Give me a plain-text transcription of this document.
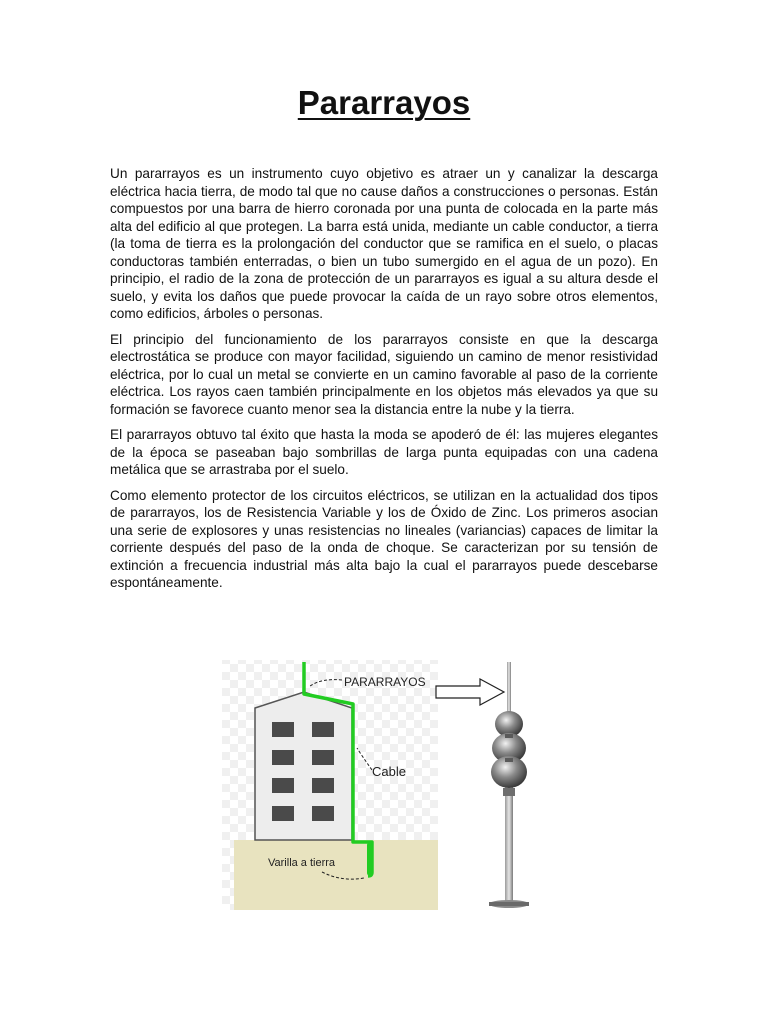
Pararrayos

Un pararrayos es un instrumento cuyo objetivo es atraer un y canalizar la descarga eléctrica hacia tierra, de modo tal que no cause daños a construcciones o personas. Están compuestos por una barra de hierro coronada por una punta de colocada en la parte más alta del edificio al que protegen. La barra está unida, mediante un cable conductor, a tierra (la toma de tierra es la prolongación del conductor que se ramifica en el suelo, o placas conductoras también enterradas, o bien un tubo sumergido en el agua de un pozo). En principio, el radio de la zona de protección de un pararrayos es igual a su altura desde el suelo, y evita los daños que puede provocar la caída de un rayo sobre otros elementos, como edificios, árboles o personas.

El principio del funcionamiento de los pararrayos consiste en que la descarga electrostática se produce con mayor facilidad, siguiendo un camino de menor resistividad eléctrica, por lo cual un metal se convierte en un camino favorable al paso de la corriente eléctrica. Los rayos caen también principalmente en los objetos más elevados ya que su formación se favorece cuanto menor sea la distancia entre la nube y la tierra.

El pararrayos obtuvo tal éxito que hasta la moda se apoderó de él: las mujeres elegantes de la época se paseaban bajo sombrillas de larga punta equipadas con una cadena metálica que se arrastraba por el suelo.

Como elemento protector de los circuitos eléctricos, se utilizan en la actualidad dos tipos de pararrayos, los de Resistencia Variable y los de Óxido de Zinc. Los primeros asocian una serie de explosores y unas resistencias no lineales (variancias) capaces de limitar la corriente después del paso de la onda de choque. Se caracterizan por su tensión de extinción a frecuencia industrial más alta bajo la cual el pararrayos puede descebarse espontáneamente.

PARARRAYOS
Cable
Varilla a tierra
